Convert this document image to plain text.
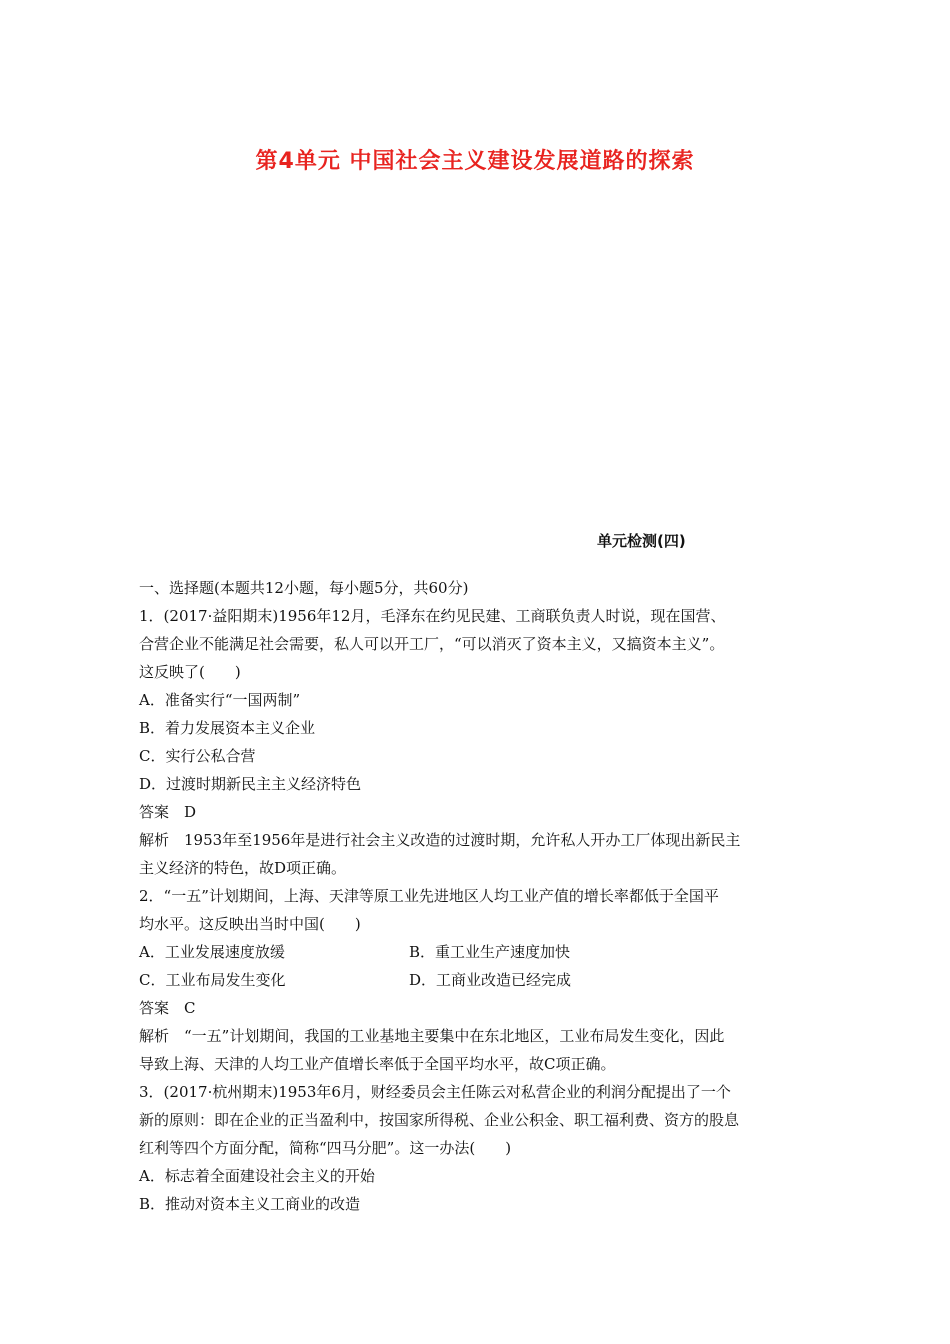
第4单元 中国社会主义建设发展道路的探索
单元检测(四)
一、选择题(本题共12小题，每小题5分，共60分)
1．(2017·益阳期末)1956年12月，毛泽东在约见民建、工商联负责人时说，现在国营、
合营企业不能满足社会需要，私人可以开工厂，“可以消灭了资本主义，又搞资本主义”。
这反映了(　　)
A．准备实行“一国两制”
B．着力发展资本主义企业
C．实行公私合营
D．过渡时期新民主主义经济特色
答案　D
解析　1953年至1956年是进行社会主义改造的过渡时期，允许私人开办工厂体现出新民主
主义经济的特色，故D项正确。
2．“一五”计划期间，上海、天津等原工业先进地区人均工业产值的增长率都低于全国平
均水平。这反映出当时中国(　　)
A．工业发展速度放缓	B．重工业生产速度加快
C．工业布局发生变化	D．工商业改造已经完成
答案　C
解析　“一五”计划期间，我国的工业基地主要集中在东北地区，工业布局发生变化，因此
导致上海、天津的人均工业产值增长率低于全国平均水平，故C项正确。
3．(2017·杭州期末)1953年6月，财经委员会主任陈云对私营企业的利润分配提出了一个
新的原则：即在企业的正当盈利中，按国家所得税、企业公积金、职工福利费、资方的股息
红利等四个方面分配，简称“四马分肥”。这一办法(　　)
A．标志着全面建设社会主义的开始
B．推动对资本主义工商业的改造
